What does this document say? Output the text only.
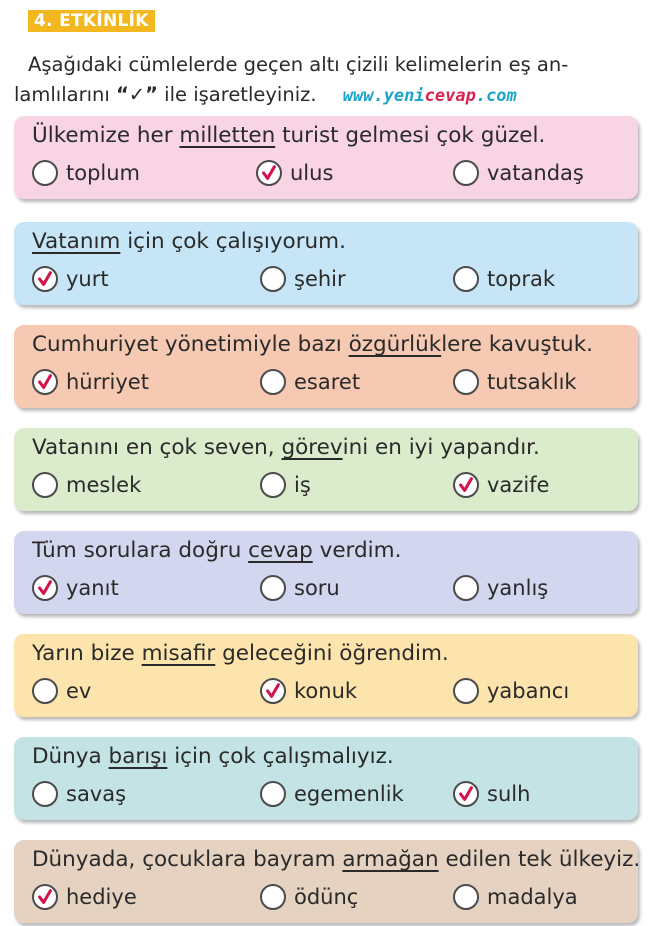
4. ETKİNLİK
Aşağıdaki cümlelerde geçen altı çizili kelimelerin eş an-
lamlılarını “✓” ile işaretleyiniz. www.yenicevap.com
Ülkemize her milletten turist gelmesi çok güzel.
toplum	ulus	vatandaş
Vatanım için çok çalışıyorum.
yurt	şehir	toprak
Cumhuriyet yönetimiyle bazı özgürlüklere kavuştuk.
hürriyet	esaret	tutsaklık
Vatanını en çok seven, görevini en iyi yapandır.
meslek	iş	vazife
Tüm sorulara doğru cevap verdim.
yanıt	soru	yanlış
Yarın bize misafir geleceğini öğrendim.
ev	konuk	yabancı
Dünya barışı için çok çalışmalıyız.
savaş	egemenlik	sulh
Dünyada, çocuklara bayram armağan edilen tek ülkeyiz.
hediye	ödünç	madalya
